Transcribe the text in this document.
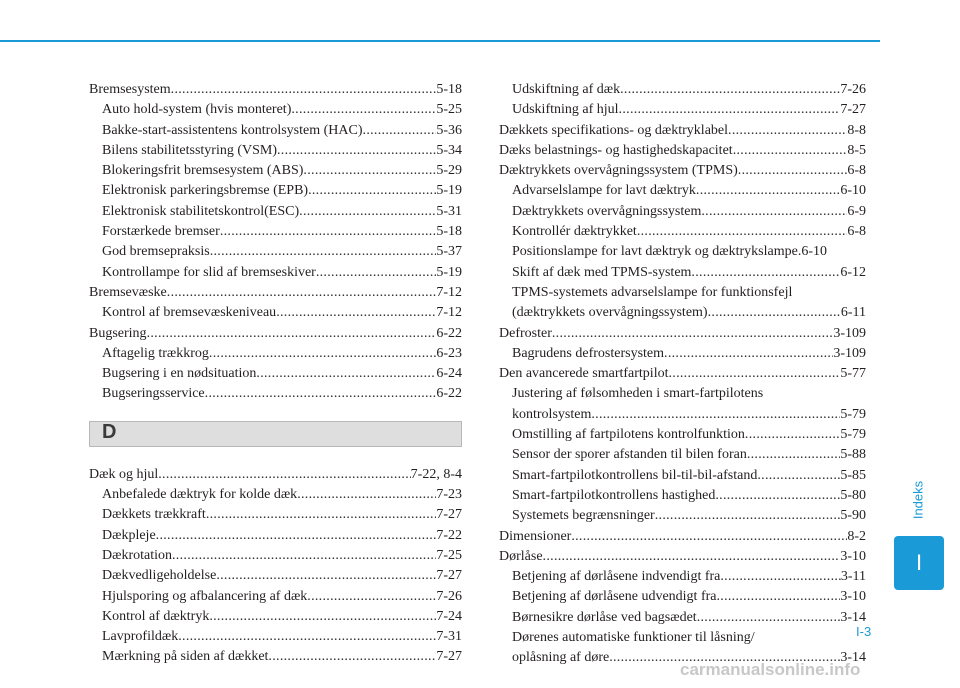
Bremsesystem .....	5-18
Auto hold-system (hvis monteret) .....	5-25
Bakke-start-assistentens kontrolsystem (HAC) .....	5-36
Bilens stabilitetsstyring (VSM) .....	5-34
Blokeringsfrit bremsesystem (ABS) .....	5-29
Elektronisk parkeringsbremse (EPB) .....	5-19
Elektronisk stabilitetskontrol(ESC) .....	5-31
Forstærkede bremser .....	5-18
God bremsepraksis .....	5-37
Kontrollampe for slid af bremseskiver .....	5-19
Bremsevæske .....	7-12
Kontrol af bremsevæskeniveau .....	7-12
Bugsering .....	6-22
Aftagelig trækkrog .....	6-23
Bugsering i en nødsituation .....	6-24
Bugseringsservice .....	6-22
D
Dæk og hjul .....	7-22, 8-4
Anbefalede dæktryk for kolde dæk .....	7-23
Dækkets trækkraft .....	7-27
Dækpleje .....	7-22
Dækrotation .....	7-25
Dækvedligeholdelse .....	7-27
Hjulsporing og afbalancering af dæk .....	7-26
Kontrol af dæktryk .....	7-24
Lavprofildæk .....	7-31
Mærkning på siden af dækket .....	7-27
Udskiftning af dæk .....	7-26
Udskiftning af hjul .....	7-27
Dækkets specifikations- og dæktryklabel .....	8-8
Dæks belastnings- og hastighedskapacitet .....	8-5
Dæktrykkets overvågningssystem (TPMS) .....	6-8
Advarselslampe for lavt dæktryk .....	6-10
Dæktrykkets overvågningssystem .....	6-9
Kontrollér dæktrykket .....	6-8
Positionslampe for lavt dæktryk og dæktrykslampe . 6-10
Skift af dæk med TPMS-system .....	6-12
TPMS-systemets advarselslampe for funktionsfejl
(dæktrykkets overvågningssystem) .....	6-11
Defroster .....	3-109
Bagrudens defrostersystem .....	3-109
Den avancerede smartfartpilot .....	5-77
Justering af følsomheden i smart-fartpilotens
kontrolsystem .....	5-79
Omstilling af fartpilotens kontrolfunktion .....	5-79
Sensor der sporer afstanden til bilen foran .....	5-88
Smart-fartpilotkontrollens bil-til-bil-afstand .....	5-85
Smart-fartpilotkontrollens hastighed .....	5-80
Systemets begrænsninger .....	5-90
Dimensioner .....	8-2
Dørlåse .....	3-10
Betjening af dørlåsene indvendigt fra .....	3-11
Betjening af dørlåsene udvendigt fra .....	3-10
Børnesikre dørlåse ved bagsædet .....	3-14
Dørenes automatiske funktioner til låsning/
oplåsning af døre .....	3-14
Indeks
I
I-3
carmanualsonline.info
